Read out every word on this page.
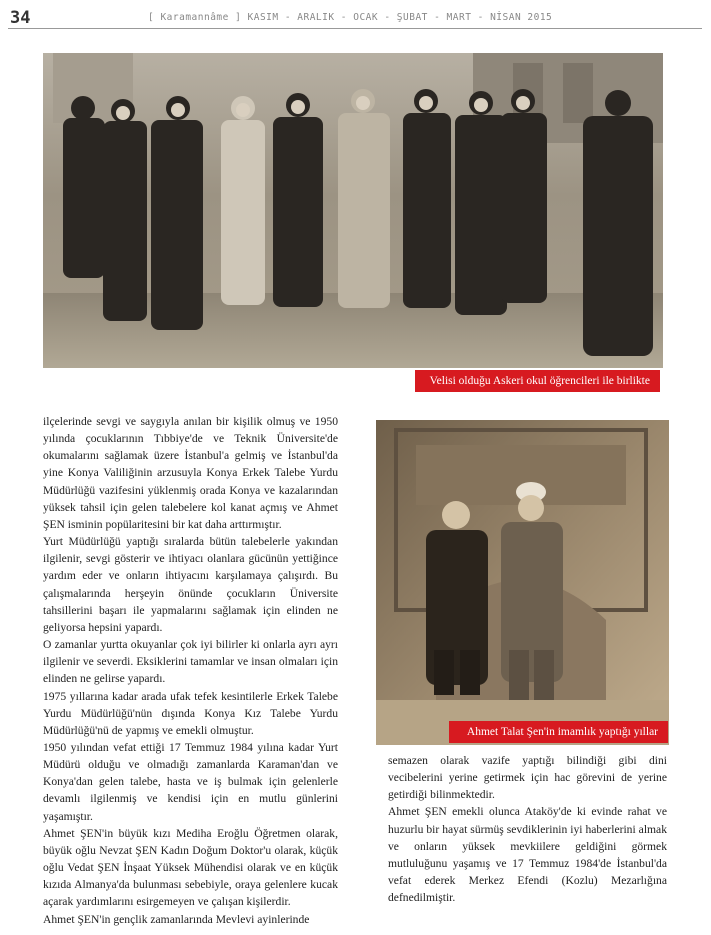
34	[ Karamannâme ] KASIM - ARALIK - OCAK - ŞUBAT - MART - NİSAN 2015
Velisi olduğu Askeri okul öğrencileri ile birlikte
Ahmet Talat Şen'in imamlık yaptığı yıllar

ilçelerinde sevgi ve saygıyla anılan bir kişilik olmuş ve 1950 yılında çocuklarının Tıbbiye'de ve Teknik Üniversite'de okumalarını sağlamak üzere İstanbul'a gelmiş ve İstanbul'da yine Konya Valiliğinin arzusuyla Konya Erkek Talebe Yurdu Müdürlüğü vazifesini yüklenmiş orada Konya ve kazalarından yüksek tahsil için gelen talebelere kol kanat açmış ve Ahmet ŞEN isminin popülaritesini bir kat daha arttırmıştır.

Yurt Müdürlüğü yaptığı sıralarda bütün talebelerle yakından ilgilenir, sevgi gösterir ve ihtiyacı olanlara gücünün yettiğince yardım eder ve onların ihtiyacını karşılamaya çalışırdı. Bu çalışmalarında herşeyin önünde çocukların Üniversite tahsillerini başarı ile yapmalarını sağlamak için elinden ne geliyorsa hepsini yapardı.

O zamanlar yurtta okuyanlar çok iyi bilirler ki onlarla ayrı ayrı ilgilenir ve severdi. Eksiklerini tamamlar ve insan olmaları için elinden ne gelirse yapardı.

1975 yıllarına kadar arada ufak tefek kesintilerle Erkek Talebe Yurdu Müdürlüğü'nün dışında Konya Kız Talebe Yurdu Müdürlüğü'nü de yapmış ve emekli olmuştur.

1950 yılından vefat ettiği 17 Temmuz 1984 yılına kadar Yurt Müdürü olduğu ve olmadığı zamanlarda Karaman'dan ve Konya'dan gelen talebe, hasta ve iş bulmak için gelenlerle devamlı ilgilenmiş ve kendisi için en mutlu günlerini yaşamıştır.

Ahmet ŞEN'in büyük kızı Mediha Eroğlu Öğretmen olarak, büyük oğlu Nevzat ŞEN Kadın Doğum Doktor'u olarak, küçük oğlu Vedat ŞEN İnşaat Yüksek Mühendisi olarak ve en küçük kızıda Almanya'da bulunması sebebiyle, oraya gelenlere kucak açarak yardımlarını esirgemeyen ve çalışan kişilerdir.

Ahmet ŞEN'in gençlik zamanlarında Mevlevi ayinlerinde

semazen olarak vazife yaptığı bilindiği gibi dini vecibelerini yerine getirmek için hac görevini de yerine getirdiği bilinmektedir.

Ahmet ŞEN emekli olunca Ataköy'de ki evinde rahat ve huzurlu bir hayat sürmüş sevdiklerinin iyi haberlerini almak ve onların yüksek mevkiilere geldiğini görmek mutluluğunu yaşamış ve 17 Temmuz 1984'de İstanbul'da vefat ederek Merkez Efendi (Kozlu) Mezarlığına defnedilmiştir.
